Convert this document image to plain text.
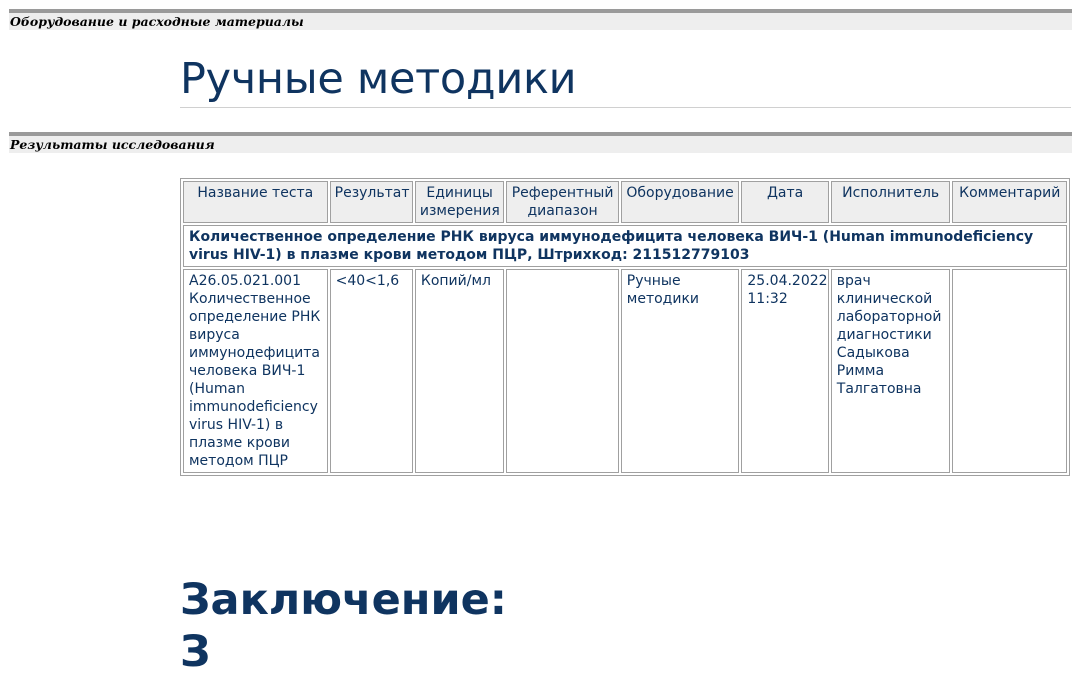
Оборудование и расходные материалы
Ручные методики
Результаты исследования
Название теста	Результат	Единицы измерения	Референтный диапазон	Оборудование	Дата	Исполнитель	Комментарий
Количественное определение РНК вируса иммунодефицита человека ВИЧ-1 (Human immunodeficiency virus HIV-1) в плазме крови методом ПЦР, Штрихкод: 211512779103							
A26.05.021.001 Количественное определение РНК вируса иммунодефицита человека ВИЧ-1 (Human immunodeficiency virus HIV-1) в плазме крови методом ПЦР	<40<1,6	Копий/мл		Ручные методики	25.04.2022 11:32	врач клинической лабораторной диагностики Садыкова Римма Талгатовна	
Заключение:
З
